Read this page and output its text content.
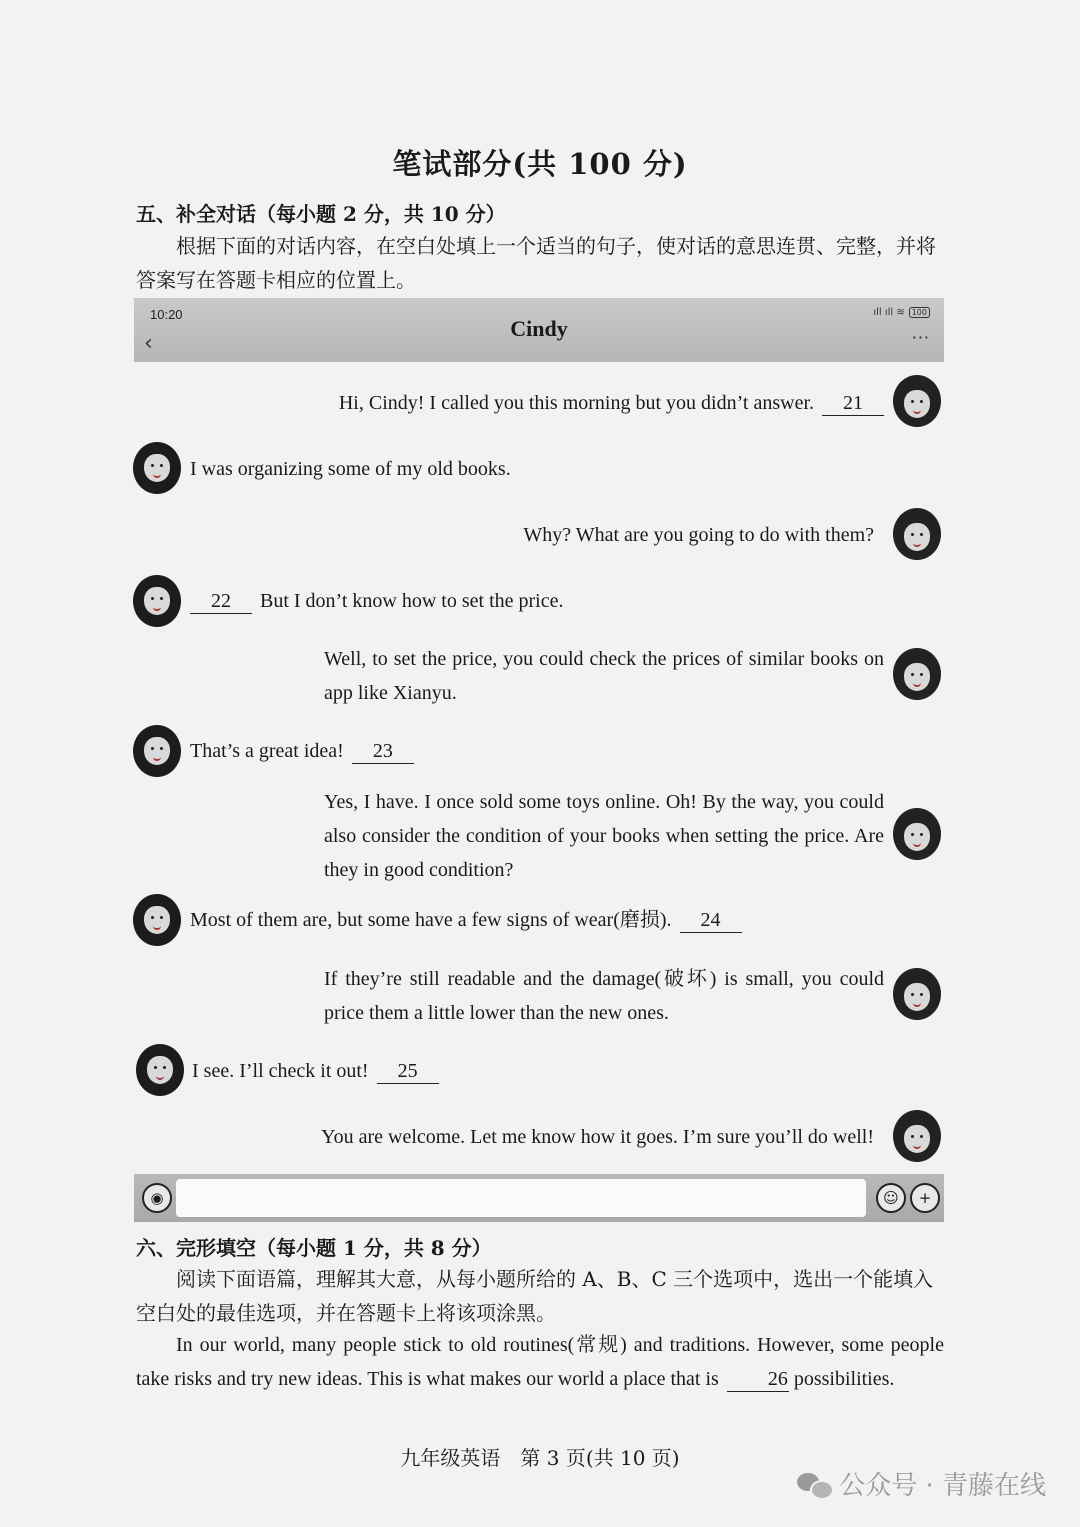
笔试部分(共 100 分)
五、补全对话（每小题 2 分，共 10 分）
根据下面的对话内容，在空白处填上一个适当的句子，使对话的意思连贯、完整，并将答案写在答题卡相应的位置上。
10:20	ıll ıll ≋ 100
Cindy
‹	···
Hi, Cindy! I called you this morning but you didn’t answer. 21
I was organizing some of my old books.
Why? What are you going to do with them?
22 But I don’t know how to set the price.
Well, to set the price, you could check the prices of similar books on app like Xianyu.
That’s a great idea! 23
Yes, I have. I once sold some toys online. Oh! By the way, you could also consider the condition of your books when setting the price. Are they in good condition?
Most of them are, but some have a few signs of wear(磨损). 24
If they’re still readable and the damage(破坏) is small, you could price them a little lower than the new ones.
I see. I’ll check it out! 25
You are welcome. Let me know how it goes. I’m sure you’ll do well!
◉	☺	+
六、完形填空（每小题 1 分，共 8 分）
阅读下面语篇，理解其大意，从每小题所给的 A、B、C 三个选项中，选出一个能填入空白处的最佳选项，并在答题卡上将该项涂黑。
In our world, many people stick to old routines(常规) and traditions. However, some people take risks and try new ideas. This is what makes our world a place that is 26 possibilities.
九年级英语　第 3 页(共 10 页)
公众号 · 青藤在线
